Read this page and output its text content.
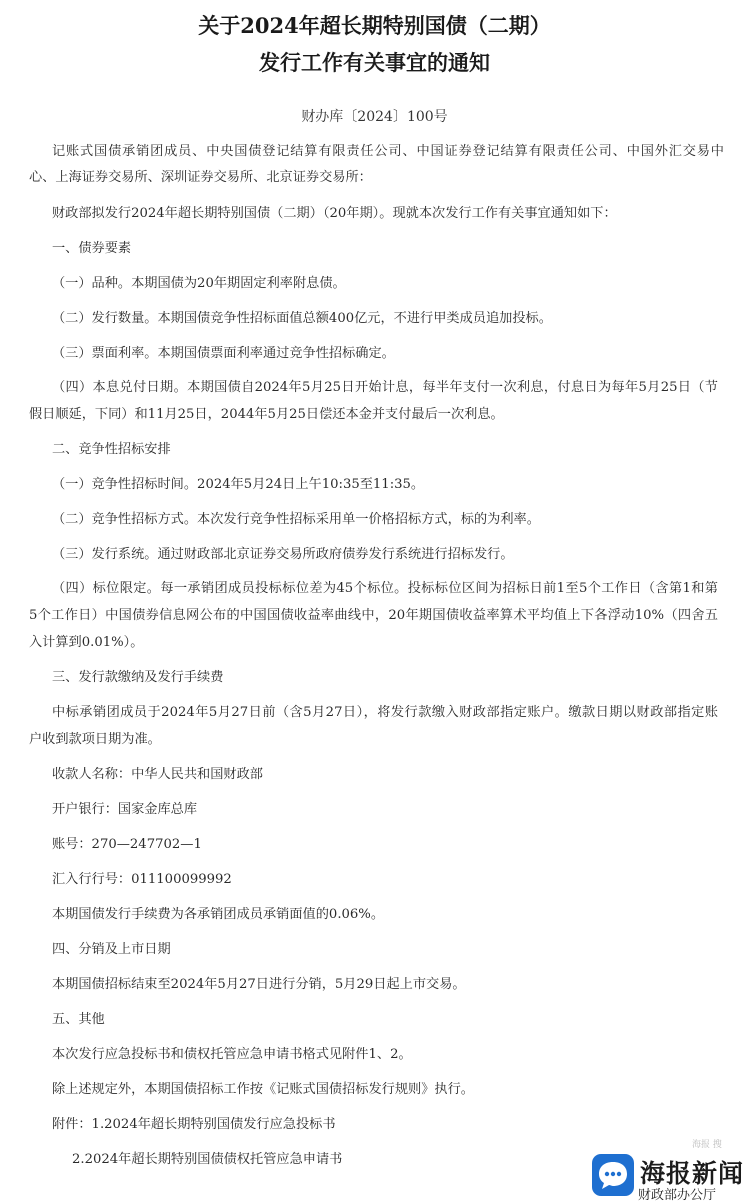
关于2024年超长期特别国债（二期）
发行工作有关事宜的通知
财办库〔2024〕100号
记账式国债承销团成员、中央国债登记结算有限责任公司、中国证券登记结算有限责任公司、中国外汇交易中
心、上海证券交易所、深圳证券交易所、北京证券交易所：
财政部拟发行2024年超长期特别国债（二期）（20年期）。现就本次发行工作有关事宜通知如下：
一、债券要素
（一）品种。本期国债为20年期固定利率附息债。
（二）发行数量。本期国债竞争性招标面值总额400亿元，不进行甲类成员追加投标。
（三）票面利率。本期国债票面利率通过竞争性招标确定。
（四）本息兑付日期。本期国债自2024年5月25日开始计息，每半年支付一次利息，付息日为每年5月25日（节
假日顺延，下同）和11月25日，2044年5月25日偿还本金并支付最后一次利息。
二、竞争性招标安排
（一）竞争性招标时间。2024年5月24日上午10:35至11:35。
（二）竞争性招标方式。本次发行竞争性招标采用单一价格招标方式，标的为利率。
（三）发行系统。通过财政部北京证券交易所政府债券发行系统进行招标发行。
（四）标位限定。每一承销团成员投标标位差为45个标位。投标标位区间为招标日前1至5个工作日（含第1和第
5个工作日）中国债券信息网公布的中国国债收益率曲线中，20年期国债收益率算术平均值上下各浮动10%（四舍五
入计算到0.01%）。
三、发行款缴纳及发行手续费
中标承销团成员于2024年5月27日前（含5月27日），将发行款缴入财政部指定账户。缴款日期以财政部指定账
户收到款项日期为准。
收款人名称：中华人民共和国财政部
开户银行：国家金库总库
账号：270—247702—1
汇入行行号：011100099992
本期国债发行手续费为各承销团成员承销面值的0.06%。
四、分销及上市日期
本期国债招标结束至2024年5月27日进行分销，5月29日起上市交易。
五、其他
本次发行应急投标书和债权托管应急申请书格式见附件1、2。
除上述规定外，本期国债招标工作按《记账式国债招标发行规则》执行。
附件：1.2024年超长期特别国债发行应急投标书
2.2024年超长期特别国债债权托管应急申请书
海报 搜
海报新闻
财政部办公厅
